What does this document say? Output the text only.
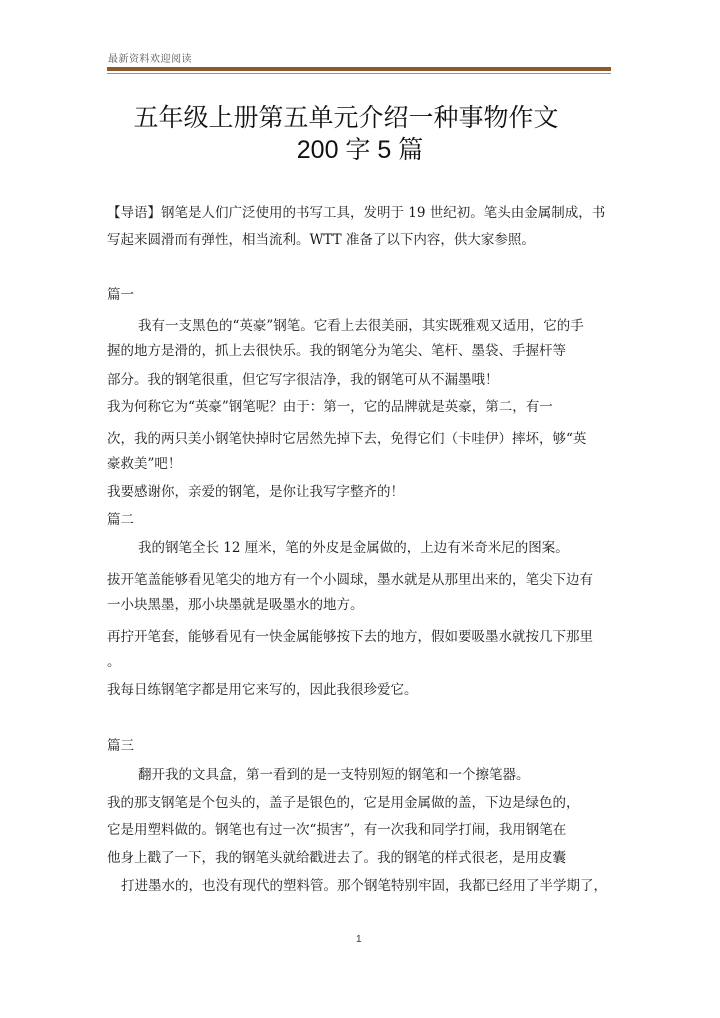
最新资料欢迎阅读
五年级上册第五单元介绍一种事物作文
200 字 5 篇
【导语】钢笔是人们广泛使用的书写工具，发明于 19 世纪初。笔头由金属制成，书
写起来圆滑而有弹性，相当流利。WTT 准备了以下内容，供大家参照。
篇一
我有一支黑色的“英豪”钢笔。它看上去很美丽，其实既雅观又适用，它的手
握的地方是滑的，抓上去很快乐。我的钢笔分为笔尖、笔杆、墨袋、手握杆等
部分。我的钢笔很重，但它写字很洁净，我的钢笔可从不漏墨哦！
我为何称它为“英豪”钢笔呢？由于：第一，它的品牌就是英豪，第二，有一
次，我的两只美小钢笔快掉时它居然先掉下去，免得它们（卡哇伊）摔坏，够“英
豪救美”吧！
我要感谢你，亲爱的钢笔，是你让我写字整齐的！
篇二
我的钢笔全长 12 厘米，笔的外皮是金属做的，上边有米奇米尼的图案。
拔开笔盖能够看见笔尖的地方有一个小圆球，墨水就是从那里出来的，笔尖下边有
一小块黑墨，那小块墨就是吸墨水的地方。
再拧开笔套，能够看见有一快金属能够按下去的地方，假如要吸墨水就按几下那里
。
我每日练钢笔字都是用它来写的，因此我很珍爱它。
篇三
翻开我的文具盒，第一看到的是一支特别短的钢笔和一个擦笔器。
我的那支钢笔是个包头的，盖子是银色的，它是用金属做的盖，下边是绿色的，
它是用塑料做的。钢笔也有过一次“损害”，有一次我和同学打闹，我用钢笔在
他身上戳了一下，我的钢笔头就给戳进去了。我的钢笔的样式很老，是用皮囊
打进墨水的，也没有现代的塑料管。那个钢笔特别牢固，我都已经用了半学期了，
1
